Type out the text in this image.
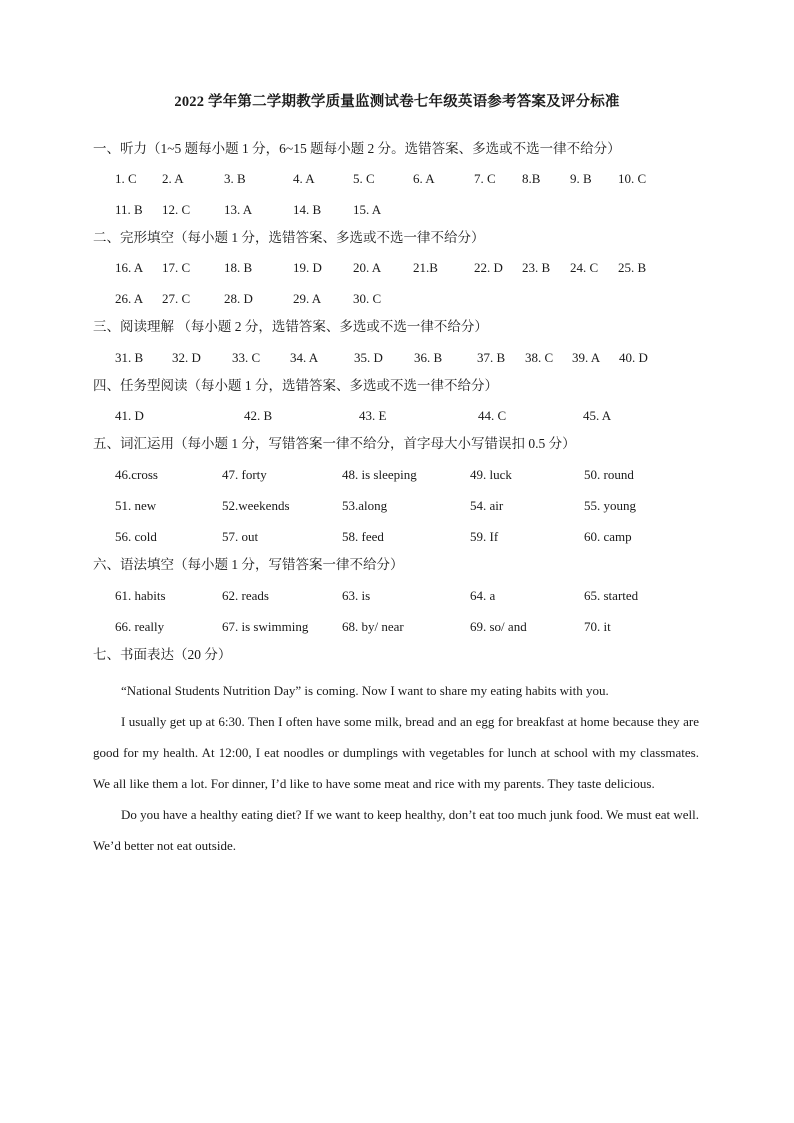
2022 学年第二学期教学质量监测试卷七年级英语参考答案及评分标准
一、听力（1~5 题每小题 1 分，6~15 题每小题 2 分。选错答案、多选或不选一律不给分）
1. C 2. A	3. B	4. A	5. C	6. A	7. C 8.B 9. B 10. C
11. B 12. C	13. A	14. B 15. A
二、完形填空（每小题 1 分，选错答案、多选或不选一律不给分）
16. A 17. C	18. B	19. D 20. A 21.B	22. D 23. B 24. C 25. B
26. A 27. C	28. D	29. A 30. C
三、阅读理解 （每小题 2 分，选错答案、多选或不选一律不给分）
31. B 32. D 33. C 34. A	35. D 36. B	37. B 38. C 39. A 40. D
四、任务型阅读（每小题 1 分，选错答案、多选或不选一律不给分）
41. D	42. B	43. E	44. C	45. A
五、词汇运用（每小题 1 分，写错答案一律不给分，首字母大小写错误扣 0.5 分）
46.cross	47. forty	48. is sleeping	49. luck	50. round
51. new	52.weekends	53.along	54. air	55. young
56. cold	57. out	58. feed	59. If	60. camp
六、语法填空（每小题 1 分，写错答案一律不给分）
61. habits	62. reads	63. is	64. a	65. started
66. really	67. is swimming	68. by/ near	69. so/ and	70. it
七、书面表达（20 分）

“National Students Nutrition Day” is coming. Now I want to share my eating habits with you.

I usually get up at 6:30. Then I often have some milk, bread and an egg for breakfast at home because they are good for my health. At 12:00, I eat noodles or dumplings with vegetables for lunch at school with my classmates. We all like them a lot. For dinner, I’d like to have some meat and rice with my parents. They taste delicious.

Do you have a healthy eating diet? If we want to keep healthy, don’t eat too much junk food. We must eat well. We’d better not eat outside.
